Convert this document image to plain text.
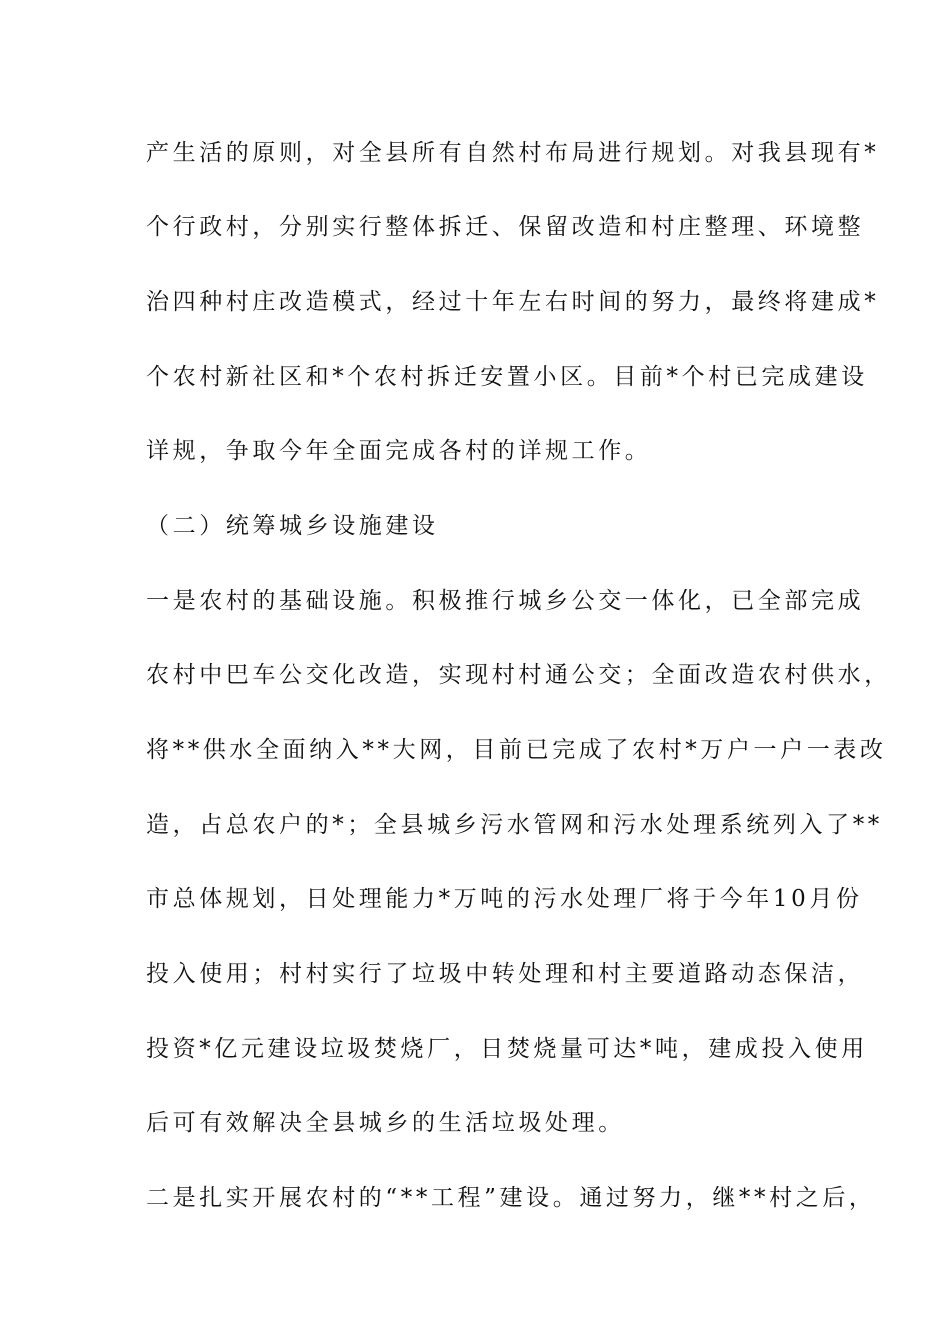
产生活的原则，对全县所有自然村布局进行规划。对我县现有*
个行政村，分别实行整体拆迁、保留改造和村庄整理、环境整
治四种村庄改造模式，经过十年左右时间的努力，最终将建成*
个农村新社区和*个农村拆迁安置小区。目前*个村已完成建设
详规，争取今年全面完成各村的详规工作。
（二）统筹城乡设施建设
一是农村的基础设施。积极推行城乡公交一体化，已全部完成
农村中巴车公交化改造，实现村村通公交；全面改造农村供水，
将**供水全面纳入**大网，目前已完成了农村*万户一户一表改
造，占总农户的*；全县城乡污水管网和污水处理系统列入了**
市总体规划，日处理能力*万吨的污水处理厂将于今年10月份
投入使用；村村实行了垃圾中转处理和村主要道路动态保洁，
投资*亿元建设垃圾焚烧厂，日焚烧量可达*吨，建成投入使用
后可有效解决全县城乡的生活垃圾处理。
二是扎实开展农村的“**工程”建设。通过努力，继**村之后，
